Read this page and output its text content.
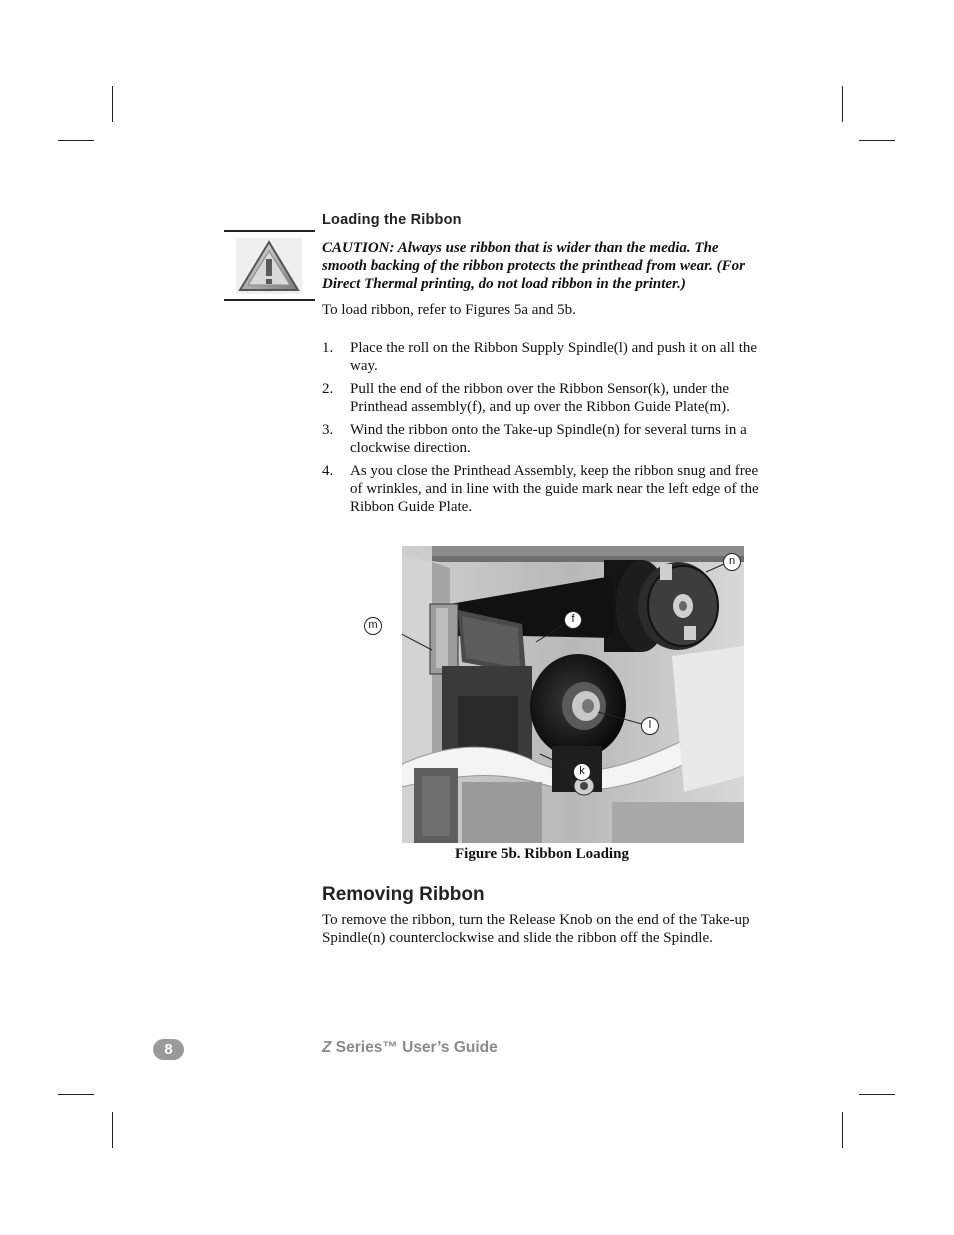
Loading the Ribbon
CAUTION: Always use ribbon that is wider than the media. The smooth backing of the ribbon protects the printhead from wear. (For Direct Thermal printing, do not load ribbon in the printer.)
To load ribbon, refer to Figures 5a and 5b.
1. Place the roll on the Ribbon Supply Spindle(l) and push it on all the way.
2. Pull the end of the ribbon over the Ribbon Sensor(k), under the Printhead assembly(f), and up over the Ribbon Guide Plate(m).
3. Wind the ribbon onto the Take-up Spindle(n) for several turns in a clockwise direction.
4. As you close the Printhead Assembly, keep the ribbon snug and free of wrinkles, and in line with the guide mark near the left edge of the Ribbon Guide Plate.
n
m	f
l
k
Figure 5b. Ribbon Loading
Removing Ribbon
To remove the ribbon, turn the Release Knob on the end of the Take-up Spindle(n) counterclockwise and slide the ribbon off the Spindle.
8	Z Series™ User’s Guide
